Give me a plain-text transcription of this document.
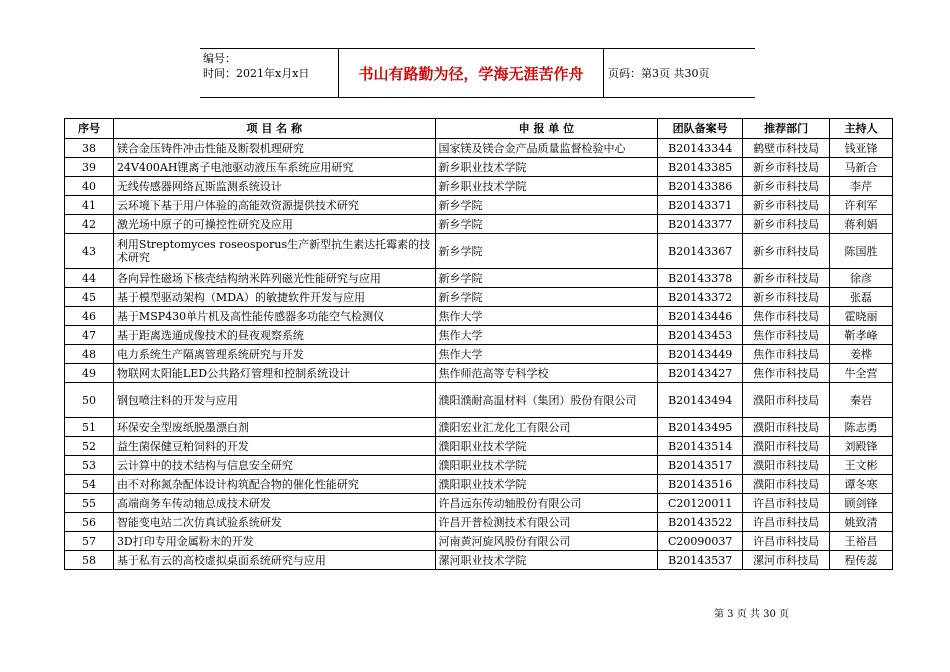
编号：
时间：2021年x月x日	书山有路勤为径，学海无涯苦作舟	页码：第3页 共30页
序号	项 目 名 称	申 报 单 位	团队备案号	推荐部门	主持人
38	镁合金压铸件冲击性能及断裂机理研究	国家镁及镁合金产品质量监督检验中心	B20143344	鹤壁市科技局	钱亚锋
39	24V400AH锂离子电池驱动液压车系统应用研究	新乡职业技术学院	B20143385	新乡市科技局	马新合
40	无线传感器网络瓦斯监测系统设计	新乡职业技术学院	B20143386	新乡市科技局	李芹
41	云环境下基于用户体验的高能效资源提供技术研究	新乡学院	B20143371	新乡市科技局	许利军
42	激光场中原子的可操控性研究及应用	新乡学院	B20143377	新乡市科技局	蒋利娟
43	利用Streptomyces roseosporus生产新型抗生素达托霉素的技术研究	新乡学院	B20143367	新乡市科技局	陈国胜
44	各向异性磁场下核壳结构纳米阵列磁光性能研究与应用	新乡学院	B20143378	新乡市科技局	徐彦
45	基于模型驱动架构（MDA）的敏捷软件开发与应用	新乡学院	B20143372	新乡市科技局	张磊
46	基于MSP430单片机及高性能传感器多功能空气检测仪	焦作大学	B20143446	焦作市科技局	霍晓丽
47	基于距离选通成像技术的昼夜观察系统	焦作大学	B20143453	焦作市科技局	靳孝峰
48	电力系统生产隔离管理系统研究与开发	焦作大学	B20143449	焦作市科技局	姜桦
49	物联网太阳能LED公共路灯管理和控制系统设计	焦作师范高等专科学校	B20143427	焦作市科技局	牛全营
50	钢包喷注料的开发与应用	濮阳濮耐高温材料（集团）股份有限公司	B20143494	濮阳市科技局	秦岩
51	环保安全型废纸脱墨漂白剂	濮阳宏业汇龙化工有限公司	B20143495	濮阳市科技局	陈志勇
52	益生菌保健豆粕饲料的开发	濮阳职业技术学院	B20143514	濮阳市科技局	刘殿锋
53	云计算中的技术结构与信息安全研究	濮阳职业技术学院	B20143517	濮阳市科技局	王文彬
54	由不对称氮杂配体设计构筑配合物的催化性能研究	濮阳职业技术学院	B20143516	濮阳市科技局	谭冬寒
55	高端商务车传动轴总成技术研发	许昌远东传动轴股份有限公司	C20120011	许昌市科技局	顾剑锋
56	智能变电站二次仿真试验系统研发	许昌开普检测技术有限公司	B20143522	许昌市科技局	姚致清
57	3D打印专用金属粉末的开发	河南黄河旋风股份有限公司	C20090037	许昌市科技局	王裕昌
58	基于私有云的高校虚拟桌面系统研究与应用	漯河职业技术学院	B20143537	漯河市科技局	程传蕊
第 3 页 共 30 页
